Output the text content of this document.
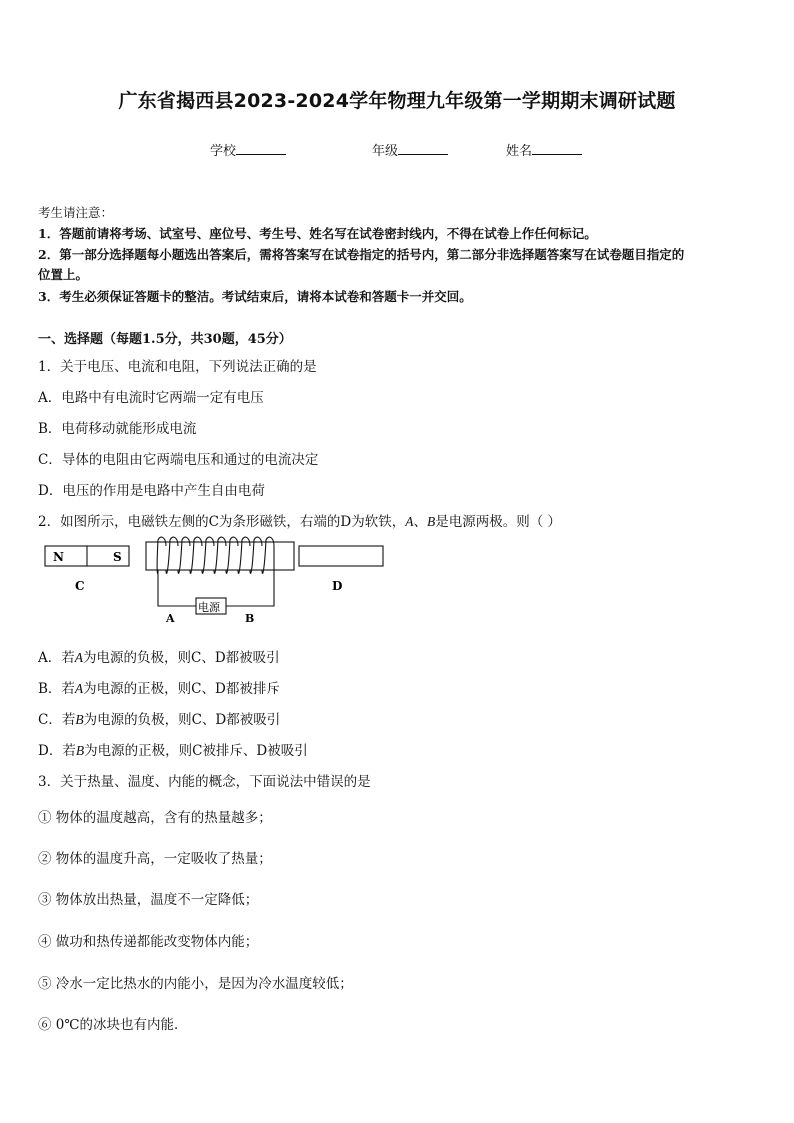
广东省揭西县2023-2024学年物理九年级第一学期期末调研试题
学校	年级	姓名
考生请注意：
1．答题前请将考场、试室号、座位号、考生号、姓名写在试卷密封线内，不得在试卷上作任何标记。
2．第一部分选择题每小题选出答案后，需将答案写在试卷指定的括号内，第二部分非选择题答案写在试卷题目指定的
位置上。
3．考生必须保证答题卡的整洁。考试结束后，请将本试卷和答题卡一并交回。
一、选择题（每题1.5分，共30题，45分）
1．关于电压、电流和电阻，下列说法正确的是
A．电路中有电流时它两端一定有电压
B．电荷移动就能形成电流
C．导体的电阻由它两端电压和通过的电流决定
D．电压的作用是电路中产生自由电荷
2．如图所示，电磁铁左侧的C为条形磁铁，右端的D为软铁，A、B是电源两极。则（ ）
N	S
C
电源
A	B
D
A．若A为电源的负极，则C、D都被吸引
B．若A为电源的正极，则C、D都被排斥
C．若B为电源的负极，则C、D都被吸引
D．若B为电源的正极，则C被排斥、D被吸引
3．关于热量、温度、内能的概念，下面说法中错误的是
① 物体的温度越高，含有的热量越多；
② 物体的温度升高，一定吸收了热量；
③ 物体放出热量，温度不一定降低；
④ 做功和热传递都能改变物体内能；
⑤ 冷水一定比热水的内能小，是因为冷水温度较低；
⑥ 0℃的冰块也有内能．
